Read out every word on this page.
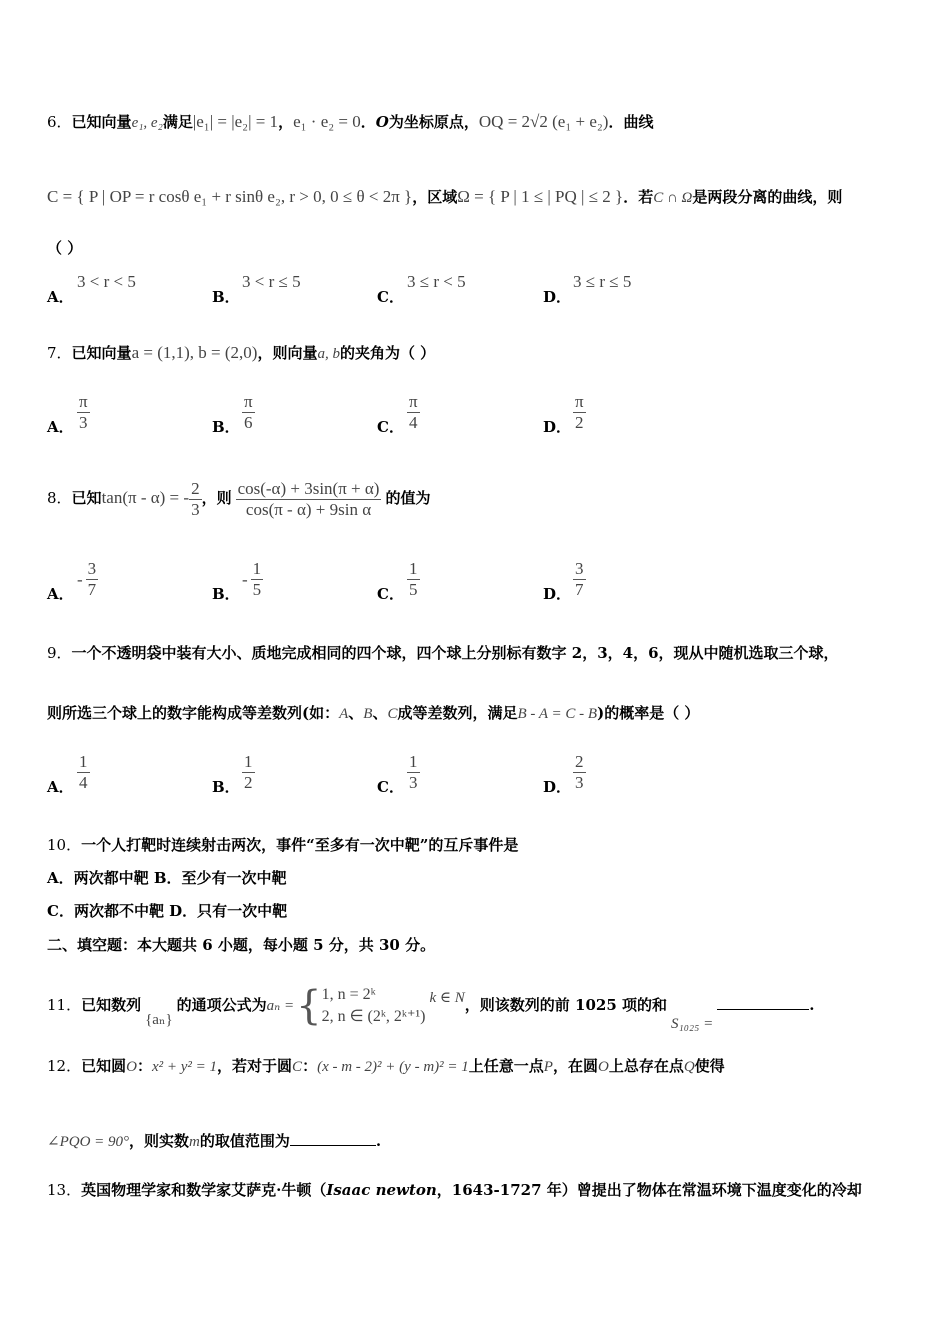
6．已知向量e₁, e₂满足|e₁| = |e₂| = 1，e₁ · e₂ = 0．O为坐标原点，OQ = 2√2 (e₁ + e₂)．曲线
C = { P | OP = r cosθ e₁ + r sinθ e₂, r > 0, 0 ≤ θ < 2π }，区域Ω = { P | 1 ≤ | PQ | ≤ 2 }．若C ∩ Ω是两段分离的曲线，则
（ ）
A．
3 < r < 5
B．
3 < r ≤ 5
C．
3 ≤ r < 5
D．
3 ≤ r ≤ 5
7．已知向量a = (1,1), b = (2,0)，则向量a, b的夹角为（ ）
A． $\frac{\pi}{3}$	B． $\frac{\pi}{6}$	C． $\frac{\pi}{4}$	D． $\frac{\pi}{2}$
8．已知tan(π - α) = - $\frac{2}{3}$ ，则 $\frac{\cos(-\alpha) + 3\sin(\pi + \alpha)}{\text{cos(π - α) + 9sin α}}$ 的值为
A．
- $\frac{3}{7}$	B．
- $\frac{1}{5}$	C． $\frac{1}{5}$	D． $\frac{3}{7}$
9．一个不透明袋中装有大小、质地完成相同的四个球，四个球上分别标有数字 2，3，4，6，现从中随机选取三个球，
则所选三个球上的数字能构成等差数列(如：A、B、C成等差数列，满足B - A = C - B)的概率是（ ）
A． $\frac{1}{4}$	B． $\frac{1}{2}$	C． $\frac{1}{3}$	D． $\frac{2}{3}$
10．一个人打靶时连续射击两次，事件“至多有一次中靶”的互斥事件是
A．两次都中靶 B．至少有一次中靶
C．两次都不中靶 D．只有一次中靶
二、填空题：本大题共 6 小题，每小题 5 分，共 30 分。
11．已知数列{aₙ}的通项公式为aₙ ={ 1, n = 2ᵏ
2, n ∈ (2ᵏ, 2ᵏ⁺¹)
k ∈ N，则该数列的前 1025 项的和S₁₀₂₅ =.
12．已知圆O：x² + y² = 1，若对于圆C：(x - m - 2)² + (y - m)² = 1上任意一点P，在圆O上总存在点Q使得
∠PQO = 90°，则实数m的取值范围为	.
13．英国物理学家和数学家艾萨克·牛顿（Isaac newton，1643-1727 年）曾提出了物体在常温环境下温度变化的冷却
